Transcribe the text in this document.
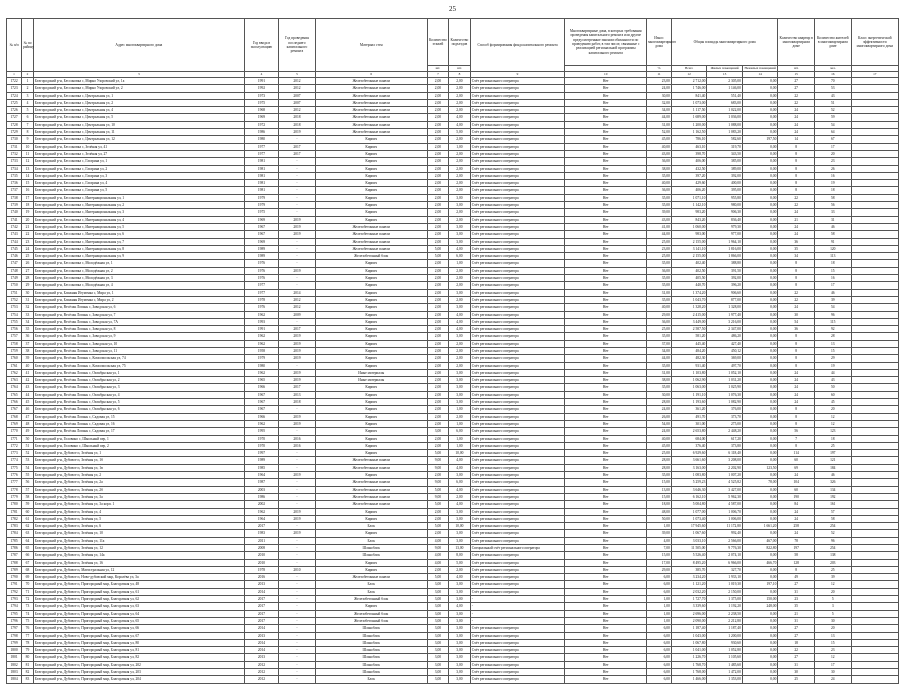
25
№ п/п	№ по району	Адрес многоквартирного дома	Год ввода в эксплуатацию	Год проведения последнего капитального ремонта	Материал стен	Количество этажей	Количество подъездов	Способ формирования фонда капитального ремонта	Многоквартирные дома, в которых требования проведения капитального ремонта или другие предусмотренные законом обязанности по проведению работ, в том числе, связанные с реализацией региональной программы капитального ремонта	Износ многоквартирного дома	Общая площадь многоквартирного дома			Количество квартир в многоквартирном доме	Количество жителей в многоквартирном доме	Класс энергетической эффективности многоквартирного дома
						шт.	шт.			%	Всего	Жилых помещений	Нежилых помещений	шт.	чел.	
1	2	3	4	5	6	7	8	9	10	11	12	13	14	15	16	17
1722	1	Белгородский р-н, Бессоновка с, Мирно Узоровский ул, 1а	1991	2012	Железобетонные панели	2,00	2,00	Счёт регионального оператора	Нет	23,00	2 712,00	2 305,00	0,00	27	70	
1723	2	Белгородский р-н, Бессоновка с, Мирно Узоровский ул, 2	1992	2012	Железобетонные панели	2,00	2,00	Счёт регионального оператора	Нет	24,00	1 746,00	1 146,00	0,00	27	53	
1724	3	Белгородский р-н, Бессоновка с, Центральная ул, 1	1973	2007	Железобетонные панели	2,00	2,00	Счёт регионального оператора	Нет	30,00	841,40	551,40	0,00	22	43	
1725	4	Белгородский р-н, Бессоновка с, Центральная ул, 2	1975	2007	Железобетонные панели	2,00	2,00	Счёт регионального оператора	Нет	32,00	1 073,00	683,00	0,00	22	51	
1726	5	Белгородский р-н, Бессоновка с, Центральная ул, 4	1968	2012	Железобетонные панели	2,00	2,00	Счёт регионального оператора	Нет	34,00	1 117,50	1 022,00	0,00	24	52	
1727	6	Белгородский р-н, Бессоновка с, Центральная ул, 5	1969	2018	Железобетонные панели	2,00	4,00	Счёт регионального оператора	Нет	44,00	1 689,00	1 036,00	0,00	24	59	
1728	7	Белгородский р-н, Бессоновка с, Центральная ул, 10	1972	2018	Железобетонные панели	2,00	4,00	Счёт регионального оператора	Нет	31,00	1 200,00	1 088,00	0,00	24	54	
1729	8	Белгородский р-н, Бессоновка с, Центральная ул, 11	1986	2019	Железобетонные панели	2,00	5,00	Счёт регионального оператора	Нет	52,00	1 162,50	1 083,20	0,00	24	64	
1730	9	Белгородский р-н, Бессоновка с, Центральная ул, 12	1980	-	Кирпич	2,00	2,00	Счёт регионального оператора	Нет	45,00	786,10	582,60	197,50	14	67	
1731	10	Белгородский р-н, Бессоновка с, Зелёная ул, 41	1977	2017	Кирпич	2,00	1,00	Счёт регионального оператора	Нет	40,00	463,10	319,70	0,00	8	17	
1732	11	Белгородский р-н, Бессоновка с, Зелёная ул, 27	1977	2017	Кирпич	2,00	2,00	Счёт регионального оператора	Нет	43,00	398,70	343,50	0,00	8	20	
1733	12	Белгородский р-н, Бессоновка с, Гагарина ул, 1	1981	-	Кирпич	2,00	2,00	Счёт регионального оператора	Нет	36,00	406,00	385,00	0,00	8	23	
1734	13	Белгородский р-н, Бессоновка с, Гагарина ул, 2	1981	-	Кирпич	2,00	2,00	Счёт регионального оператора	Нет	38,00	432,50	389,00	0,00	8	26	
1735	14	Белгородский р-н, Бессоновка с, Гагарина ул, 3	1981	-	Кирпич	2,00	2,00	Счёт регионального оператора	Нет	35,00	397,20	392,00	0,00	8	16	
1736	15	Белгородский р-н, Бессоновка с, Гагарина ул, 4	1981	-	Кирпич	2,00	2,00	Счёт регионального оператора	Нет	40,00	429,60	400,00	0,00	8	19	
1737	16	Белгородский р-н, Бессоновка с, Гагарина ул, 5	1981	-	Кирпич	2,00	2,00	Счёт регионального оператора	Нет	36,00	406,20	395,00	0,00	8	18	
1738	17	Белгородский р-н, Бессоновка с, Интернациональная ул, 1	1979	-	Кирпич	2,00	3,00	Счёт регионального оператора	Нет	35,00	1 071,10	955,80	0,00	22	58	
1739	18	Белгородский р-н, Бессоновка с, Интернациональная ул, 2	1979	-	Кирпич	2,00	3,00	Счёт регионального оператора	Нет	35,00	1 142,10	980,00	0,00	22	56	
1740	19	Белгородский р-н, Бессоновка с, Интернациональная ул, 3	1975	-	Кирпич	2,00	2,00	Счёт регионального оператора	Нет	39,00	983,20	906,30	0,00	24	33	
1741	20	Белгородский р-н, Бессоновка с, Интернациональная ул, 4	1969	2019	Кирпич	2,00	2,00	Счёт регионального оператора	Нет	43,00	843,20	836,40	0,00	21	31	
1742	21	Белгородский р-н, Бессоновка с, Интернациональная ул, 5	1967	2019	Железобетонные панели	2,00	3,00	Счёт регионального оператора	Нет	41,00	1 060,00	979,30	0,00	24	46	
1743	22	Белгородский р-н, Бессоновка с, Интернациональная ул, 6	1967	2019	Железобетонные панели	2,00	3,00	Счёт регионального оператора	Нет	44,00	983,00	977,00	0,00	24	58	
1744	23	Белгородский р-н, Бессоновка с, Интернациональная ул, 7	1969	-	Железобетонные панели	2,00	3,00	Счёт регионального оператора	Нет	25,00	2 155,00	1 964,10	0,00	36	91	
1745	24	Белгородский р-н, Бессоновка с, Интернациональная ул, 8	1989	-	Железобетонные панели	5,00	4,00	Счёт регионального оператора	Нет	23,00	3 141,10	1 816,00	0,00	35	120	
1746	25	Белгородский р-н, Бессоновка с, Интернациональная ул, 9	1989	-	Железобетонный блок	5,00	6,00	Счёт регионального оператора	Нет	25,00	2 155,00	1 866,00	0,00	34	113	
1747	26	Белгородский р-н, Бессоновка с, Молодёжная ул, 1	1976	-	Кирпич	2,00	1,00	Счёт регионального оператора	Нет	35,00	402,40	388,80	0,00	8	18	
1748	27	Белгородский р-н, Бессоновка с, Молодёжная ул, 2	1976	2019	Кирпич	2,00	2,00	Счёт регионального оператора	Нет	36,00	402,50	391,50	0,00	8	15	
1749	28	Белгородский р-н, Бессоновка с, Молодёжная ул, 3	1976	-	Кирпич	2,00	2,00	Счёт регионального оператора	Нет	35,00	405,50	392,00	0,00	8	16	
1750	29	Белгородский р-н, Бессоновка с, Молодёжная ул, 4	1977	-	Кирпич	2,00	2,00	Счёт регионального оператора	Нет	35,00	440,70	396,20	0,00	8	17	
1751	30	Белгородский р-н, Ближняя Игуменка с, Мира ул, 1	1977	2014	Кирпич	2,00	3,00	Счёт регионального оператора	Нет	31,00	1 374,20	906,60	0,00	22	46	
1752	31	Белгородский р-н, Ближняя Игуменка с, Мира ул, 2	1978	2012	Кирпич	2,00	2,00	Счёт регионального оператора	Нет	35,00	1 043,70	877,00	0,00	22	39	
1753	32	Белгородский р-н, Весёлая Лопань с, Заводская ул, 6	1976	2012	Кирпич	2,00	3,00	Счёт регионального оператора	Нет	40,00	1 328,20	1 328,00	0,00	24	54	
1754	33	Белгородский р-н, Весёлая Лопань с, Заводская ул, 7	1962	2009	Кирпич	2,00	4,00	Счёт регионального оператора	Нет	29,00	2 415,00	1 977,40	0,00	30	96	
1755	34	Белгородский р-н, Весёлая Лопань с, Заводская ул, 7А	1993	-	Кирпич	2,00	4,00	Счёт регионального оператора	Нет	36,00	3 449,00	3 216,00	0,00	54	115	
1756	35	Белгородский р-н, Весёлая Лопань с, Заводская ул, 8	1991	2017	Кирпич	2,00	4,00	Счёт регионального оператора	Нет	25,00	2 587,50	2 347,00	0,00	36	92	
1757	36	Белгородский р-н, Весёлая Лопань с, Заводская ул, 9	1962	2019	Кирпич	2,00	3,00	Счёт регионального оператора	Нет	35,00	581,20	486,20	0,00	8	28	
1758	37	Белгородский р-н, Весёлая Лопань с, Заводская ул, 10	1962	2019	Кирпич	2,00	2,00	Счёт регионального оператора	Нет	37,00	445,40	427,40	0,00	8	13	
1759	38	Белгородский р-н, Весёлая Лопань с, Заводская ул, 11	1958	2019	Кирпич	2,00	2,00	Счёт регионального оператора	Нет	34,00	484,20	450,12	0,00	8	15	
1760	39	Белгородский р-н, Весёлая Лопань с, Комсомольская ул, 74	1979	2019	Кирпич	2,00	2,00	Счёт регионального оператора	Нет	44,00	482,30	369,00	0,00	8	29	
1761	40	Белгородский р-н, Весёлая Лопань с, Комсомольская ул, 75	1980	-	Кирпич	2,00	2,00	Счёт регионального оператора	Нет	35,00	931,40	497,70	0,00	8	19	
1762	41	Белгородский р-н, Весёлая Лопань с, Октябрьская ул, 1	1962	2019	Иные материалы	2,00	3,00	Счёт регионального оператора	Нет	31,00	1 103,80	1 052,10	0,00	24	44	
1763	42	Белгородский р-н, Весёлая Лопань с, Октябрьская ул, 2	1965	2019	Иные материалы	2,00	3,00	Счёт регионального оператора	Нет	38,00	1 062,90	1 031,20	0,00	24	43	
1764	43	Белгородский р-н, Весёлая Лопань с, Октябрьская ул, 3	1966	2017	Кирпич	2,00	3,00	Счёт регионального оператора	Нет	35,00	1 063,00	1 025,90	0,00	24	50	
1765	44	Белгородский р-н, Весёлая Лопань с, Октябрьская ул, 4	1967	2013	Кирпич	2,00	3,00	Счёт регионального оператора	Нет	30,00	1 191,10	1 076,30	0,00	24	60	
1766	45	Белгородский р-н, Весёлая Лопань с, Октябрьская ул, 5	1967	2018	Кирпич	2,00	3,00	Счёт регионального оператора	Нет	28,00	1 193,60	1 082,90	0,00	24	45	
1767	46	Белгородский р-н, Весёлая Лопань с, Октябрьская ул, 6	1967	-	Кирпич	2,00	1,00	Счёт регионального оператора	Нет	24,00	361,20	376,00	0,00	8	20	
1768	47	Белгородский р-н, Весёлая Лопань с, Садовая ул, 15	1966	2019	Кирпич	2,00	2,00	Счёт регионального оператора	Нет	26,00	491,70	373,70	0,00	8	12	
1769	48	Белгородский р-н, Весёлая Лопань с, Садовая ул, 16	1962	2019	Кирпич	2,00	1,00	Счёт регионального оператора	Нет	54,00	301,00	275,00	0,00	8	12	
1770	49	Белгородский р-н, Весёлая Лопань с, Садовая ул, 17	1995	-	Кирпич	3,00	6,00	Счёт регионального оператора	Нет	24,00	2 653,80	2 448,20	0,00	56	123	
1771	50	Белгородский р-н, Головино с, Школьный пер, 1	1970	2016	Кирпич	2,00	1,00	Счёт регионального оператора	Нет	40,00	684,00	617,20	0,00	7	18	
1772	51	Белгородский р-н, Головино с, Школьный пер, 2	1970	2016	Кирпич	2,00	1,00	Счёт регионального оператора	Нет	45,00	376,40	373,80	0,00	8	25	
1773	52	Белгородский р-н, Дубовое п, Зелёная ул, 1	1997	-	Кирпич	5,00	10,00	Счёт регионального оператора	Нет	25,00	6 929,60	6 118,40	0,00	114	197	
1774	53	Белгородский р-н, Дубовое п, Зелёная ул, 1б	1989	-	Железобетонные панели	9,00	4,00	Счёт регионального оператора	Нет	28,00	3 661,60	3 208,00	0,00	60	121	
1775	54	Белгородский р-н, Дубовое п, Зелёная ул, 1в	1985	-	Железобетонные панели	9,00	4,00	Счёт регионального оператора	Нет	28,00	3 163,00	2 202,90	123,50	69	184	
1776	55	Белгородский р-н, Дубовое п, Зелёная ул, 2	1964	2019	Кирпич	2,00	3,00	Счёт регионального оператора	Нет	35,00	1 083,80	1 007,20	0,00	24	46	
1777	56	Белгородский р-н, Дубовое п, Зелёная ул, 2а	1987	-	Железобетонные панели	9,00	6,00	Счёт регионального оператора	Нет	15,00	5 259,23	4 525,82	78,00	104	326	
1778	57	Белгородский р-н, Дубовое п, Зелёная ул, 2б	2003	-	Железобетонные панели	5,00	4,00	Счёт регионального оператора	Нет	13,00	3 646,30	3 427,00	0,00	60	134	
1779	58	Белгородский р-н, Дубовое п, Зелёная ул, 3а	1986	-	Железобетонные панели	9,00	2,00	Счёт регионального оператора	Нет	15,00	6 162,10	5 962,30	0,00	190	192	
1780	59	Белгородский р-н, Дубовое п, Зелёная ул, 3а корп. 1	2002	-	Железобетонные панели	5,00	4,00	Счёт регионального оператора	Нет	18,00	5 004,80	4 587,00	0,00	84	161	
1781	60	Белгородский р-н, Дубовое п, Зелёная ул, 4	1962	2019	Кирпич	2,00	3,00	Счёт регионального оператора	Нет	48,00	1 077,00	1 006,70	0,00	24	57	
1782	61	Белгородский р-н, Дубовое п, Зелёная ул, 5	1964	2019	Кирпич	2,00	3,00	Счёт регионального оператора	Нет	50,00	1 073,40	1 006,00	0,00	24	58	
1783	62	Белгородский р-н, Дубовое п, Зелёная ул, 6	2017	-	Блок	5,00	10,00	Счёт регионального оператора	Нет	1,00	17 945,60	11 172,80	1 661,20	258	254	
1784	63	Белгородский р-н, Дубовое п, Зелёная ул, 10	1983	2019	Кирпич	2,00	3,00	Счёт регионального оператора	Нет	39,00	1 067,60	992,40	0,00	24	52	
1785	64	Белгородский р-н, Дубовое п, Зелёная ул, 11а	2011	-	Блок	4,00	3,00	Счёт регионального оператора	Нет	4,00	3 033,10	2 566,00	467,00	78	96	
1786	65	Белгородский р-н, Дубовое п, Зелёная ул, 12	2008	-	Шлакоблок	9,00	13,00	Специальный счёт регионального оператора	Нет	7,00	11 505,00	9 776,30	822,80	197	254	
1787	66	Белгородский р-н, Дубовое п, Зелёная ул, 14а	2010	-	Шлакоблок	4,00	8,00	Счёт регионального оператора	Нет	15,00	5 526,40	2 074,10	0,00	58	138	
1788	67	Белгородский р-н, Дубовое п, Зелёная ул, 16	2010	-	Кирпич	4,00	5,00	Счёт регионального оператора	Нет	17,00	8 495,20	6 966,00	466,70	128	203	
1789	68	Белгородский р-н, Дубовое п, Магистральная ул, 12	1978	2010	Кирпич	2,00	2,00	Счёт регионального оператора	Нет	29,00	385,70	327,70	0,00	8	25	
1790	69	Белгородский р-н, Дубовое п, Ново-дубовский мкр, Королёва ул, 3а	2016	-	Железобетонные панели	5,00	4,00	Счёт регионального оператора	Нет	6,00	3 234,20	1 933,10	0,00	49	39	
1791	70	Белгородский р-н, Дубовое п, Пригородный мкр, Благодатная ул, 48	2013	-	Блок	3,00	3,00	Счёт регионального оператора	Нет	6,00	1 121,20	1 019,30	197,10	27	12	
1792	71	Белгородский р-н, Дубовое п, Пригородный мкр, Благодатная ул, 61	2014	-	Блок	3,00	3,00	Счёт регионального оператора	Нет	6,00	2 032,20	2 150,00	0,00	31	20	
1793	72	Белгородский р-н, Дубовое п, Пригородный мкр, Благодатная ул, 62	2017	-	Железобетонный блок	3,00	3,00	-	Нет	1,00	1 727,70	1 375,00	150,00	23	5	
1794	73	Белгородский р-н, Дубовое п, Пригородный мкр, Благодатная ул, 63	2017	-	Кирпич	3,00	4,00	-	Нет	1,00	3 339,60	1 192,20	248,00	35	3	
1795	74	Белгородский р-н, Дубовое п, Пригородный мкр, Благодатная ул, 64	2017	-	Железобетонный блок	3,00	3,00	-	Нет	1,00	2 696,00	2 238,50	0,00	21	5	
1796	75	Белгородский р-н, Дубовое п, Пригородный мкр, Благодатная ул, 65	2017	-	Железобетонный блок	3,00	3,00	-	Нет	1,00	2 090,00	2 212,80	0,00	31	30	
1797	76	Белгородский р-н, Дубовое п, Пригородный мкр, Благодатная ул, 66	2014	-	Шлакоблок	3,00	3,00	Счёт регионального оператора	Нет	6,00	1 187,40	1 187,40	0,00	27	20	
1798	77	Белгородский р-н, Дубовое п, Пригородный мкр, Благодатная ул, 67	2013	-	Шлакоблок	3,00	3,00	Счёт регионального оператора	Нет	6,00	1 043,00	1 200,00	0,00	27	13	
1799	78	Белгородский р-н, Дубовое п, Пригородный мкр, Благодатная ул, 80	2014	-	Шлакоблок	3,00	3,00	Счёт регионального оператора	Нет	6,00	1 067,80	930,60	0,00	18	15	
1800	79	Белгородский р-н, Дубовое п, Пригородный мкр, Благодатная ул, 81	2014	-	Шлакоблок	3,00	3,00	Счёт регионального оператора	Нет	6,00	1 041,00	1 052,80	0,00	22	23	
1801	80	Белгородский р-н, Дубовое п, Пригородный мкр, Благодатная ул, 82	2013	-	Шлакоблок	3,00	3,00	Счёт регионального оператора	Нет	6,00	1 226,70	1 105,60	0,00	27	12	
1802	81	Белгородский р-н, Дубовое п, Пригородный мкр, Благодатная ул, 202	2012	-	Шлакоблок	3,00	3,00	Счёт регионального оператора	Нет	6,00	1 768,70	1 485,60	0,00	31	17	
1803	82	Белгородский р-н, Дубовое п, Пригородный мкр, Благодатная ул, 203	2012	-	Шлакоблок	3,00	3,00	Счёт регионального оператора	Нет	6,00	1 768,00	1 472,00	0,00	30	30	
1804	83	Белгородский р-н, Дубовое п, Пригородный мкр, Благодатная ул, 204	2012	-	Блок	3,00	3,00	Счёт регионального оператора	Нет	6,00	1 466,00	1 353,00	0,00	25	24	
